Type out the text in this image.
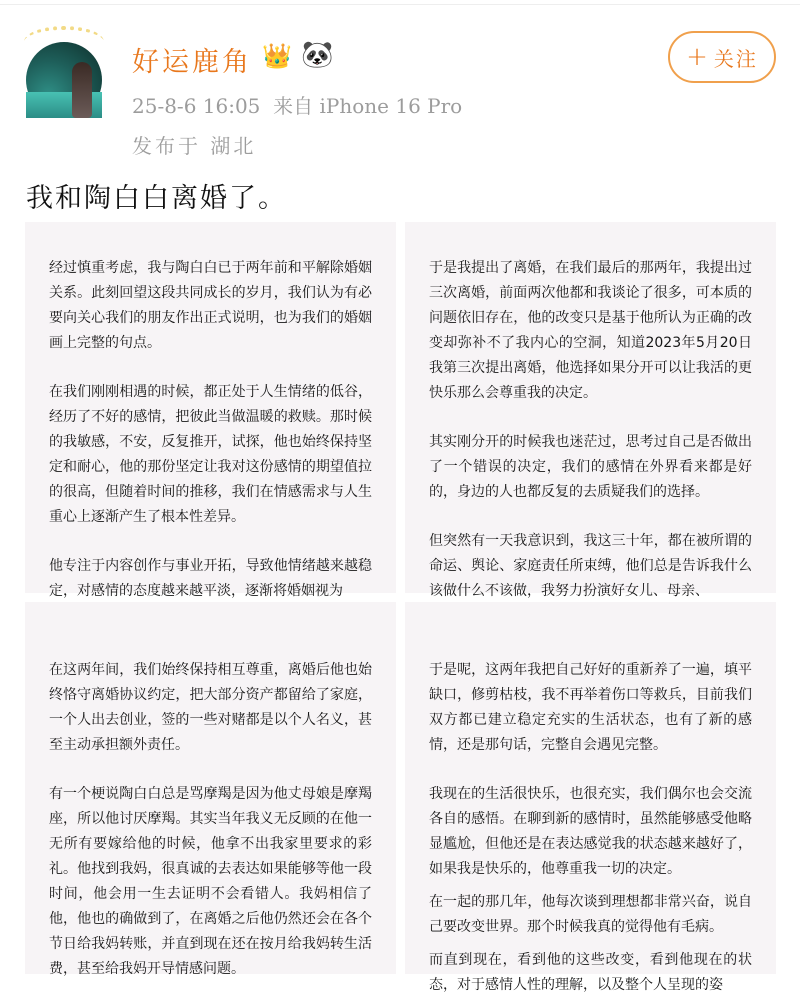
好运鹿角 👑 🐼
25-8-6 16:05 来自 iPhone 16 Pro
发布于 湖北
+ 关注
我和陶白白离婚了。

经过慎重考虑，我与陶白白已于两年前和平解除婚姻关系。此刻回望这段共同成长的岁月，我们认为有必要向关心我们的朋友作出正式说明，也为我们的婚姻画上完整的句点。

在我们刚刚相遇的时候，都正处于人生情绪的低谷，经历了不好的感情，把彼此当做温暖的救赎。那时候的我敏感，不安，反复推开，试探，他也始终保持坚定和耐心，他的那份坚定让我对这份感情的期望值拉的很高，但随着时间的推移，我们在情感需求与人生重心上逐渐产生了根本性差异。

他专注于内容创作与事业开拓，导致他情绪越来越稳定，对感情的态度越来越平淡，逐渐将婚姻视为

于是我提出了离婚，在我们最后的那两年，我提出过三次离婚，前面两次他都和我谈论了很多，可本质的问题依旧存在，他的改变只是基于他所认为正确的改变却弥补不了我内心的空洞，知道2023年5月20日我第三次提出离婚，他选择如果分开可以让我活的更快乐那么会尊重我的决定。

其实刚分开的时候我也迷茫过，思考过自己是否做出了一个错误的决定，我们的感情在外界看来都是好的，身边的人也都反复的去质疑我们的选择。

但突然有一天我意识到，我这三十年，都在被所谓的命运、舆论、家庭责任所束缚，他们总是告诉我什么该做什么不该做，我努力扮演好女儿、母亲、

在这两年间，我们始终保持相互尊重，离婚后他也始终恪守离婚协议约定，把大部分资产都留给了家庭，一个人出去创业，签的一些对赌都是以个人名义，甚至主动承担额外责任。

有一个梗说陶白白总是骂摩羯是因为他丈母娘是摩羯座，所以他讨厌摩羯。其实当年我义无反顾的在他一无所有要嫁给他的时候，他拿不出我家里要求的彩礼。他找到我妈，很真诚的去表达如果能够等他一段时间，他会用一生去证明不会看错人。我妈相信了他，他也的确做到了，在离婚之后他仍然还会在各个节日给我妈转账，并直到现在还在按月给我妈转生活费，甚至给我妈开导情感问题。

于是呢，这两年我把自己好好的重新养了一遍，填平缺口，修剪枯枝，我不再举着伤口等救兵，目前我们双方都已建立稳定充实的生活状态，也有了新的感情，还是那句话，完整自会遇见完整。

我现在的生活很快乐，也很充实，我们偶尔也会交流各自的感悟。在聊到新的感情时，虽然能够感受他略显尴尬，但他还是在表达感觉我的状态越来越好了，如果我是快乐的，他尊重我一切的决定。

在一起的那几年，他每次谈到理想都非常兴奋，说自己要改变世界。那个时候我真的觉得他有毛病。

而直到现在，看到他的这些改变，看到他现在的状态，对于感情人性的理解，以及整个人呈现的姿
